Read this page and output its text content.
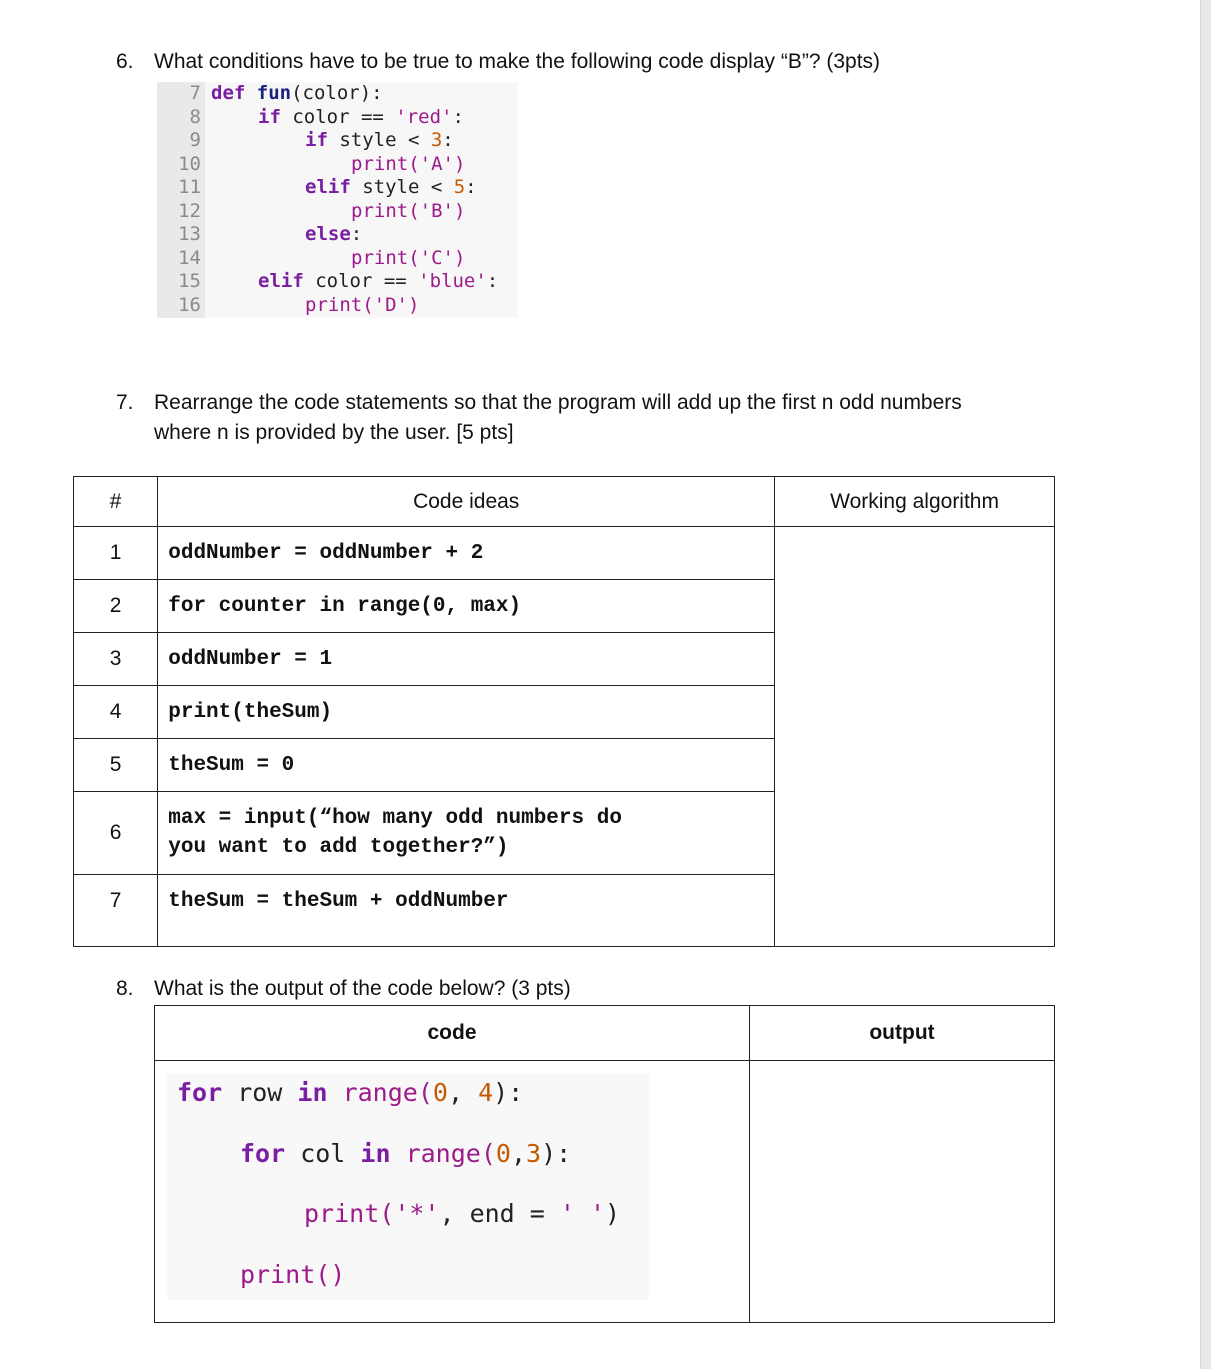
6. What conditions have to be true to make the following code display “B”? (3pts)
7
8
9
10
11
12
13
14
15
16
def fun(color):
if color == 'red':
if style < 3:
print('A')
elif style < 5:
print('B')
else:
print('C')
elif color == 'blue':
print('D')
7. Rearrange the code statements so that the program will add up the first n odd numbers
where n is provided by the user. [5 pts]
#	Code ideas	Working algorithm
1	oddNumber = oddNumber + 2	
2	for counter in range(0, max)	
3	oddNumber = 1	
4	print(theSum)	
5	theSum = 0	
6	max = input(“how many odd numbers do
you want to add together?”)	

7	theSum = theSum + oddNumber	
8. What is the output of the code below? (3 pts)
code	output

for row in range(0, 4):
for col in range(0,3):
print('*', end = ' ')
print()
